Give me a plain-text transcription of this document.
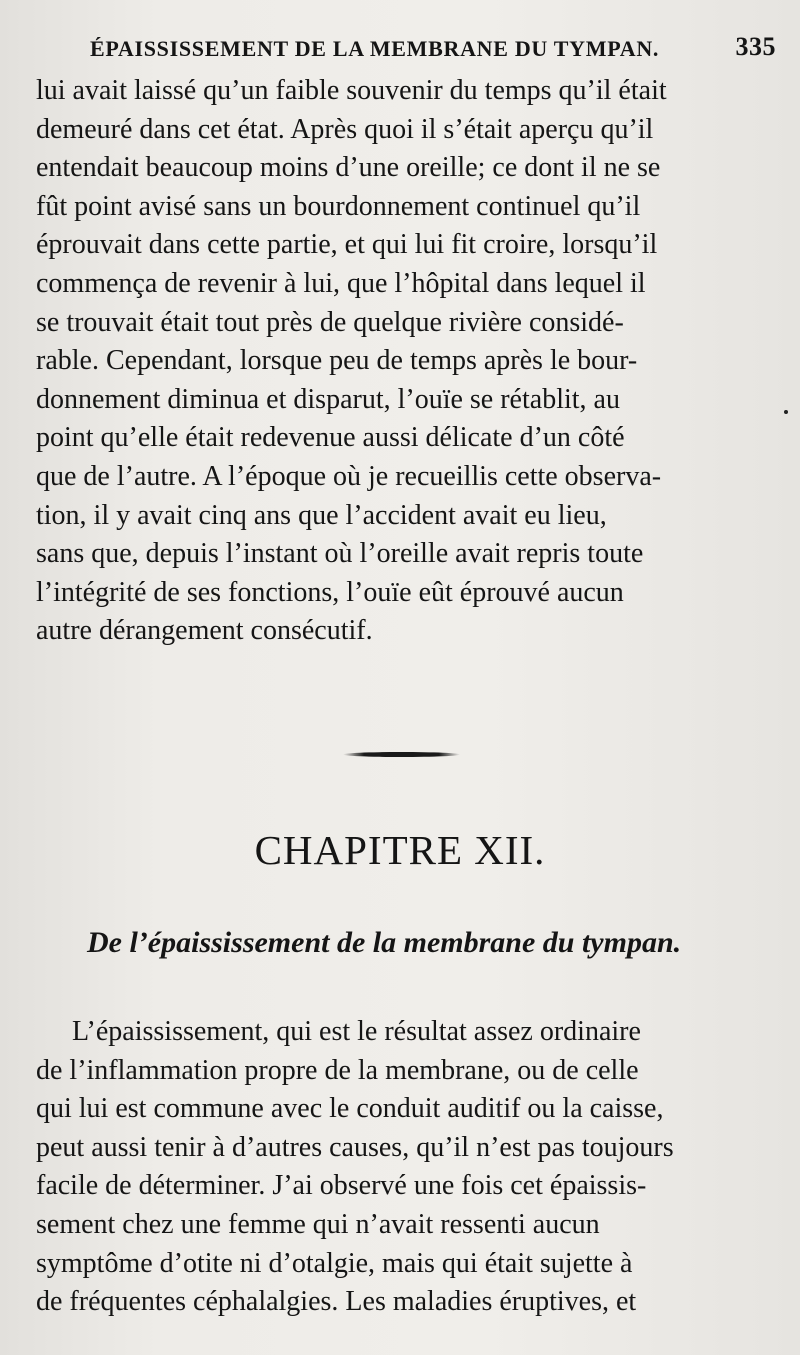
ÉPAISSISSEMENT DE LA MEMBRANE DU TYMPAN.	335
lui avait laissé qu’un faible souvenir du temps qu’il était
demeuré dans cet état. Après quoi il s’était aperçu qu’il
entendait beaucoup moins d’une oreille; ce dont il ne se
fût point avisé sans un bourdonnement continuel qu’il
éprouvait dans cette partie, et qui lui fit croire, lorsqu’il
commença de revenir à lui, que l’hôpital dans lequel il
se trouvait était tout près de quelque rivière considé-
rable. Cependant, lorsque peu de temps après le bour-
donnement diminua et disparut, l’ouïe se rétablit, au
point qu’elle était redevenue aussi délicate d’un côté
que de l’autre. A l’époque où je recueillis cette observa-
tion, il y avait cinq ans que l’accident avait eu lieu,
sans que, depuis l’instant où l’oreille avait repris toute
l’intégrité de ses fonctions, l’ouïe eût éprouvé aucun
autre dérangement consécutif.
CHAPITRE XII.
De l’épaississement de la membrane du tympan.
L’épaississement, qui est le résultat assez ordinaire
de l’inflammation propre de la membrane, ou de celle
qui lui est commune avec le conduit auditif ou la caisse,
peut aussi tenir à d’autres causes, qu’il n’est pas toujours
facile de déterminer. J’ai observé une fois cet épaissis-
sement chez une femme qui n’avait ressenti aucun
symptôme d’otite ni d’otalgie, mais qui était sujette à
de fréquentes céphalalgies. Les maladies éruptives, et
